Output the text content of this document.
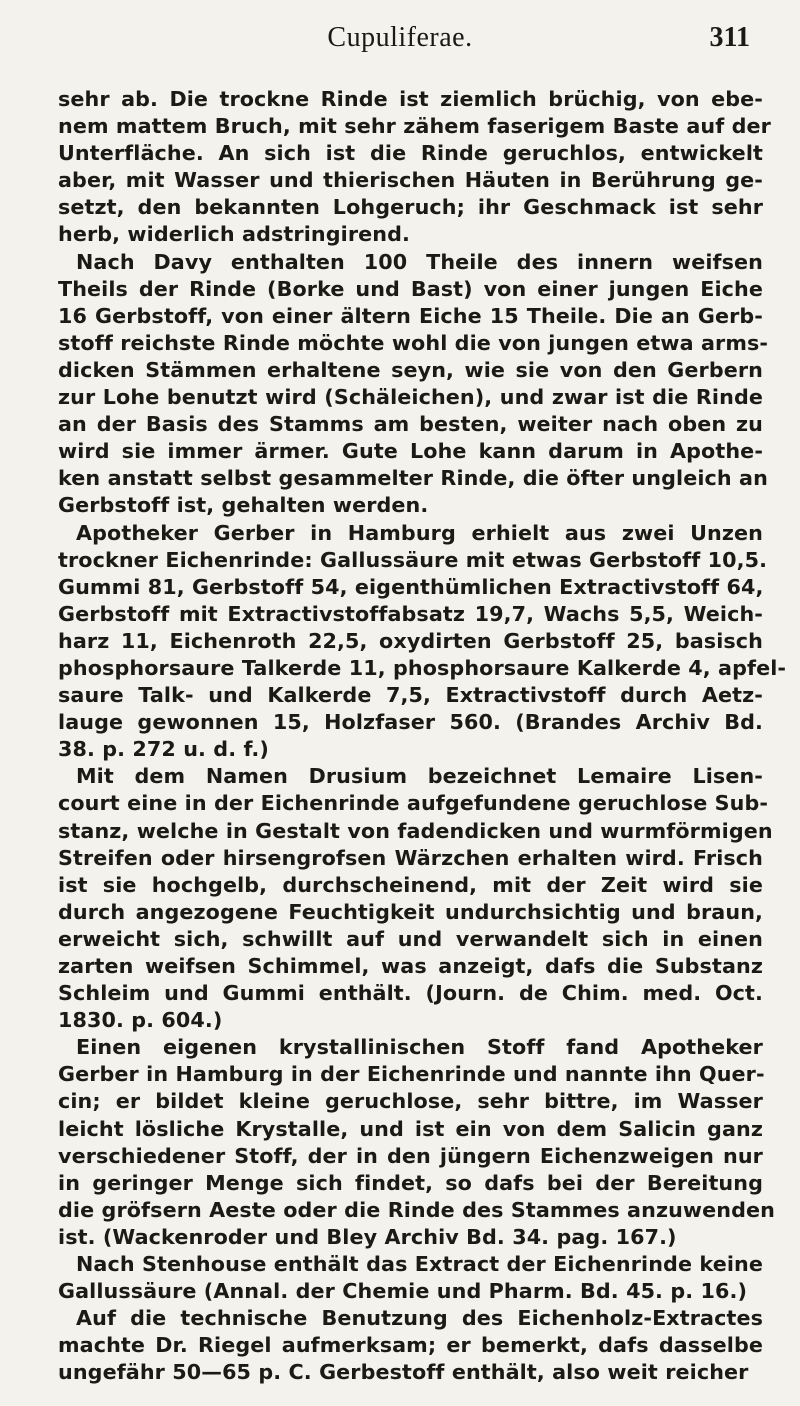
Cupuliferae.	311
sehr ab. Die trockne Rinde ist ziemlich brüchig, von ebe-
nem mattem Bruch, mit sehr zähem faserigem Baste auf der
Unterfläche. An sich ist die Rinde geruchlos, entwickelt
aber, mit Wasser und thierischen Häuten in Berührung ge-
setzt, den bekannten Lohgeruch; ihr Geschmack ist sehr
herb, widerlich adstringirend.
Nach Davy enthalten 100 Theile des innern weifsen
Theils der Rinde (Borke und Bast) von einer jungen Eiche
16 Gerbstoff, von einer ältern Eiche 15 Theile. Die an Gerb-
stoff reichste Rinde möchte wohl die von jungen etwa arms-
dicken Stämmen erhaltene seyn, wie sie von den Gerbern
zur Lohe benutzt wird (Schäleichen), und zwar ist die Rinde
an der Basis des Stamms am besten, weiter nach oben zu
wird sie immer ärmer. Gute Lohe kann darum in Apothe-
ken anstatt selbst gesammelter Rinde, die öfter ungleich an
Gerbstoff ist, gehalten werden.
Apotheker Gerber in Hamburg erhielt aus zwei Unzen
trockner Eichenrinde: Gallussäure mit etwas Gerbstoff 10,5.
Gummi 81, Gerbstoff 54, eigenthümlichen Extractivstoff 64,
Gerbstoff mit Extractivstoffabsatz 19,7, Wachs 5,5, Weich-
harz 11, Eichenroth 22,5, oxydirten Gerbstoff 25, basisch
phosphorsaure Talkerde 11, phosphorsaure Kalkerde 4, apfel-
saure Talk- und Kalkerde 7,5, Extractivstoff durch Aetz-
lauge gewonnen 15, Holzfaser 560. (Brandes Archiv Bd.
38. p. 272 u. d. f.)
Mit dem Namen Drusium bezeichnet Lemaire Lisen-
court eine in der Eichenrinde aufgefundene geruchlose Sub-
stanz, welche in Gestalt von fadendicken und wurmförmigen
Streifen oder hirsengrofsen Wärzchen erhalten wird. Frisch
ist sie hochgelb, durchscheinend, mit der Zeit wird sie
durch angezogene Feuchtigkeit undurchsichtig und braun,
erweicht sich, schwillt auf und verwandelt sich in einen
zarten weifsen Schimmel, was anzeigt, dafs die Substanz
Schleim und Gummi enthält. (Journ. de Chim. med. Oct.
1830. p. 604.)
Einen eigenen krystallinischen Stoff fand Apotheker
Gerber in Hamburg in der Eichenrinde und nannte ihn Quer-
cin; er bildet kleine geruchlose, sehr bittre, im Wasser
leicht lösliche Krystalle, und ist ein von dem Salicin ganz
verschiedener Stoff, der in den jüngern Eichenzweigen nur
in geringer Menge sich findet, so dafs bei der Bereitung
die gröfsern Aeste oder die Rinde des Stammes anzuwenden
ist. (Wackenroder und Bley Archiv Bd. 34. pag. 167.)
Nach Stenhouse enthält das Extract der Eichenrinde keine
Gallussäure (Annal. der Chemie und Pharm. Bd. 45. p. 16.)
Auf die technische Benutzung des Eichenholz-Extractes
machte Dr. Riegel aufmerksam; er bemerkt, dafs dasselbe
ungefähr 50—65 p. C. Gerbestoff enthält, also weit reicher
